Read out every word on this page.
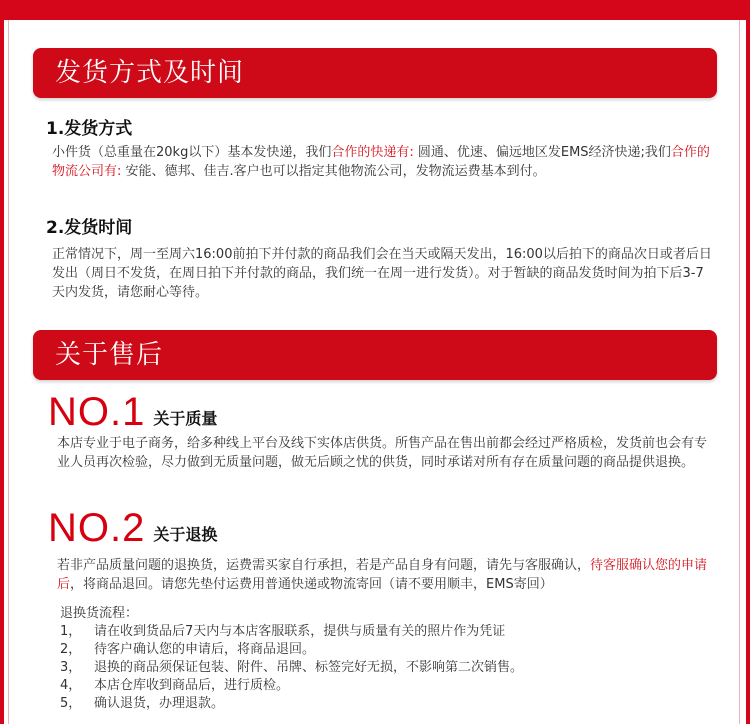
发货方式及时间
1.发货方式
小件货（总重量在20kg以下）基本发快递，我们合作的快递有: 圆通、优速、偏远地区发EMS经济快递;我们合作的物流公司有: 安能、德邦、佳吉.客户也可以指定其他物流公司，发物流运费基本到付。
2.发货时间
正常情况下，周一至周六16:00前拍下并付款的商品我们会在当天或隔天发出，16:00以后拍下的商品次日或者后日发出（周日不发货，在周日拍下并付款的商品，我们统一在周一进行发货）。对于暂缺的商品发货时间为拍下后3-7天内发货，请您耐心等待。
关于售后
NO.1 关于质量
本店专业于电子商务，给多种线上平台及线下实体店供货。所售产品在售出前都会经过严格质检，发货前也会有专业人员再次检验，尽力做到无质量问题，做无后顾之忧的供货，同时承诺对所有存在质量问题的商品提供退换。
NO.2 关于退换
若非产品质量问题的退换货，运费需买家自行承担，若是产品自身有问题，请先与客服确认，待客服确认您的申请后，将商品退回。请您先垫付运费用普通快递或物流寄回（请不要用顺丰，EMS寄回）
退换货流程：
1， 请在收到货品后7天内与本店客服联系，提供与质量有关的照片作为凭证
2， 待客户确认您的申请后，将商品退回。
3， 退换的商品须保证包装、附件、吊牌、标签完好无损，不影响第二次销售。
4， 本店仓库收到商品后，进行质检。
5， 确认退货，办理退款。
